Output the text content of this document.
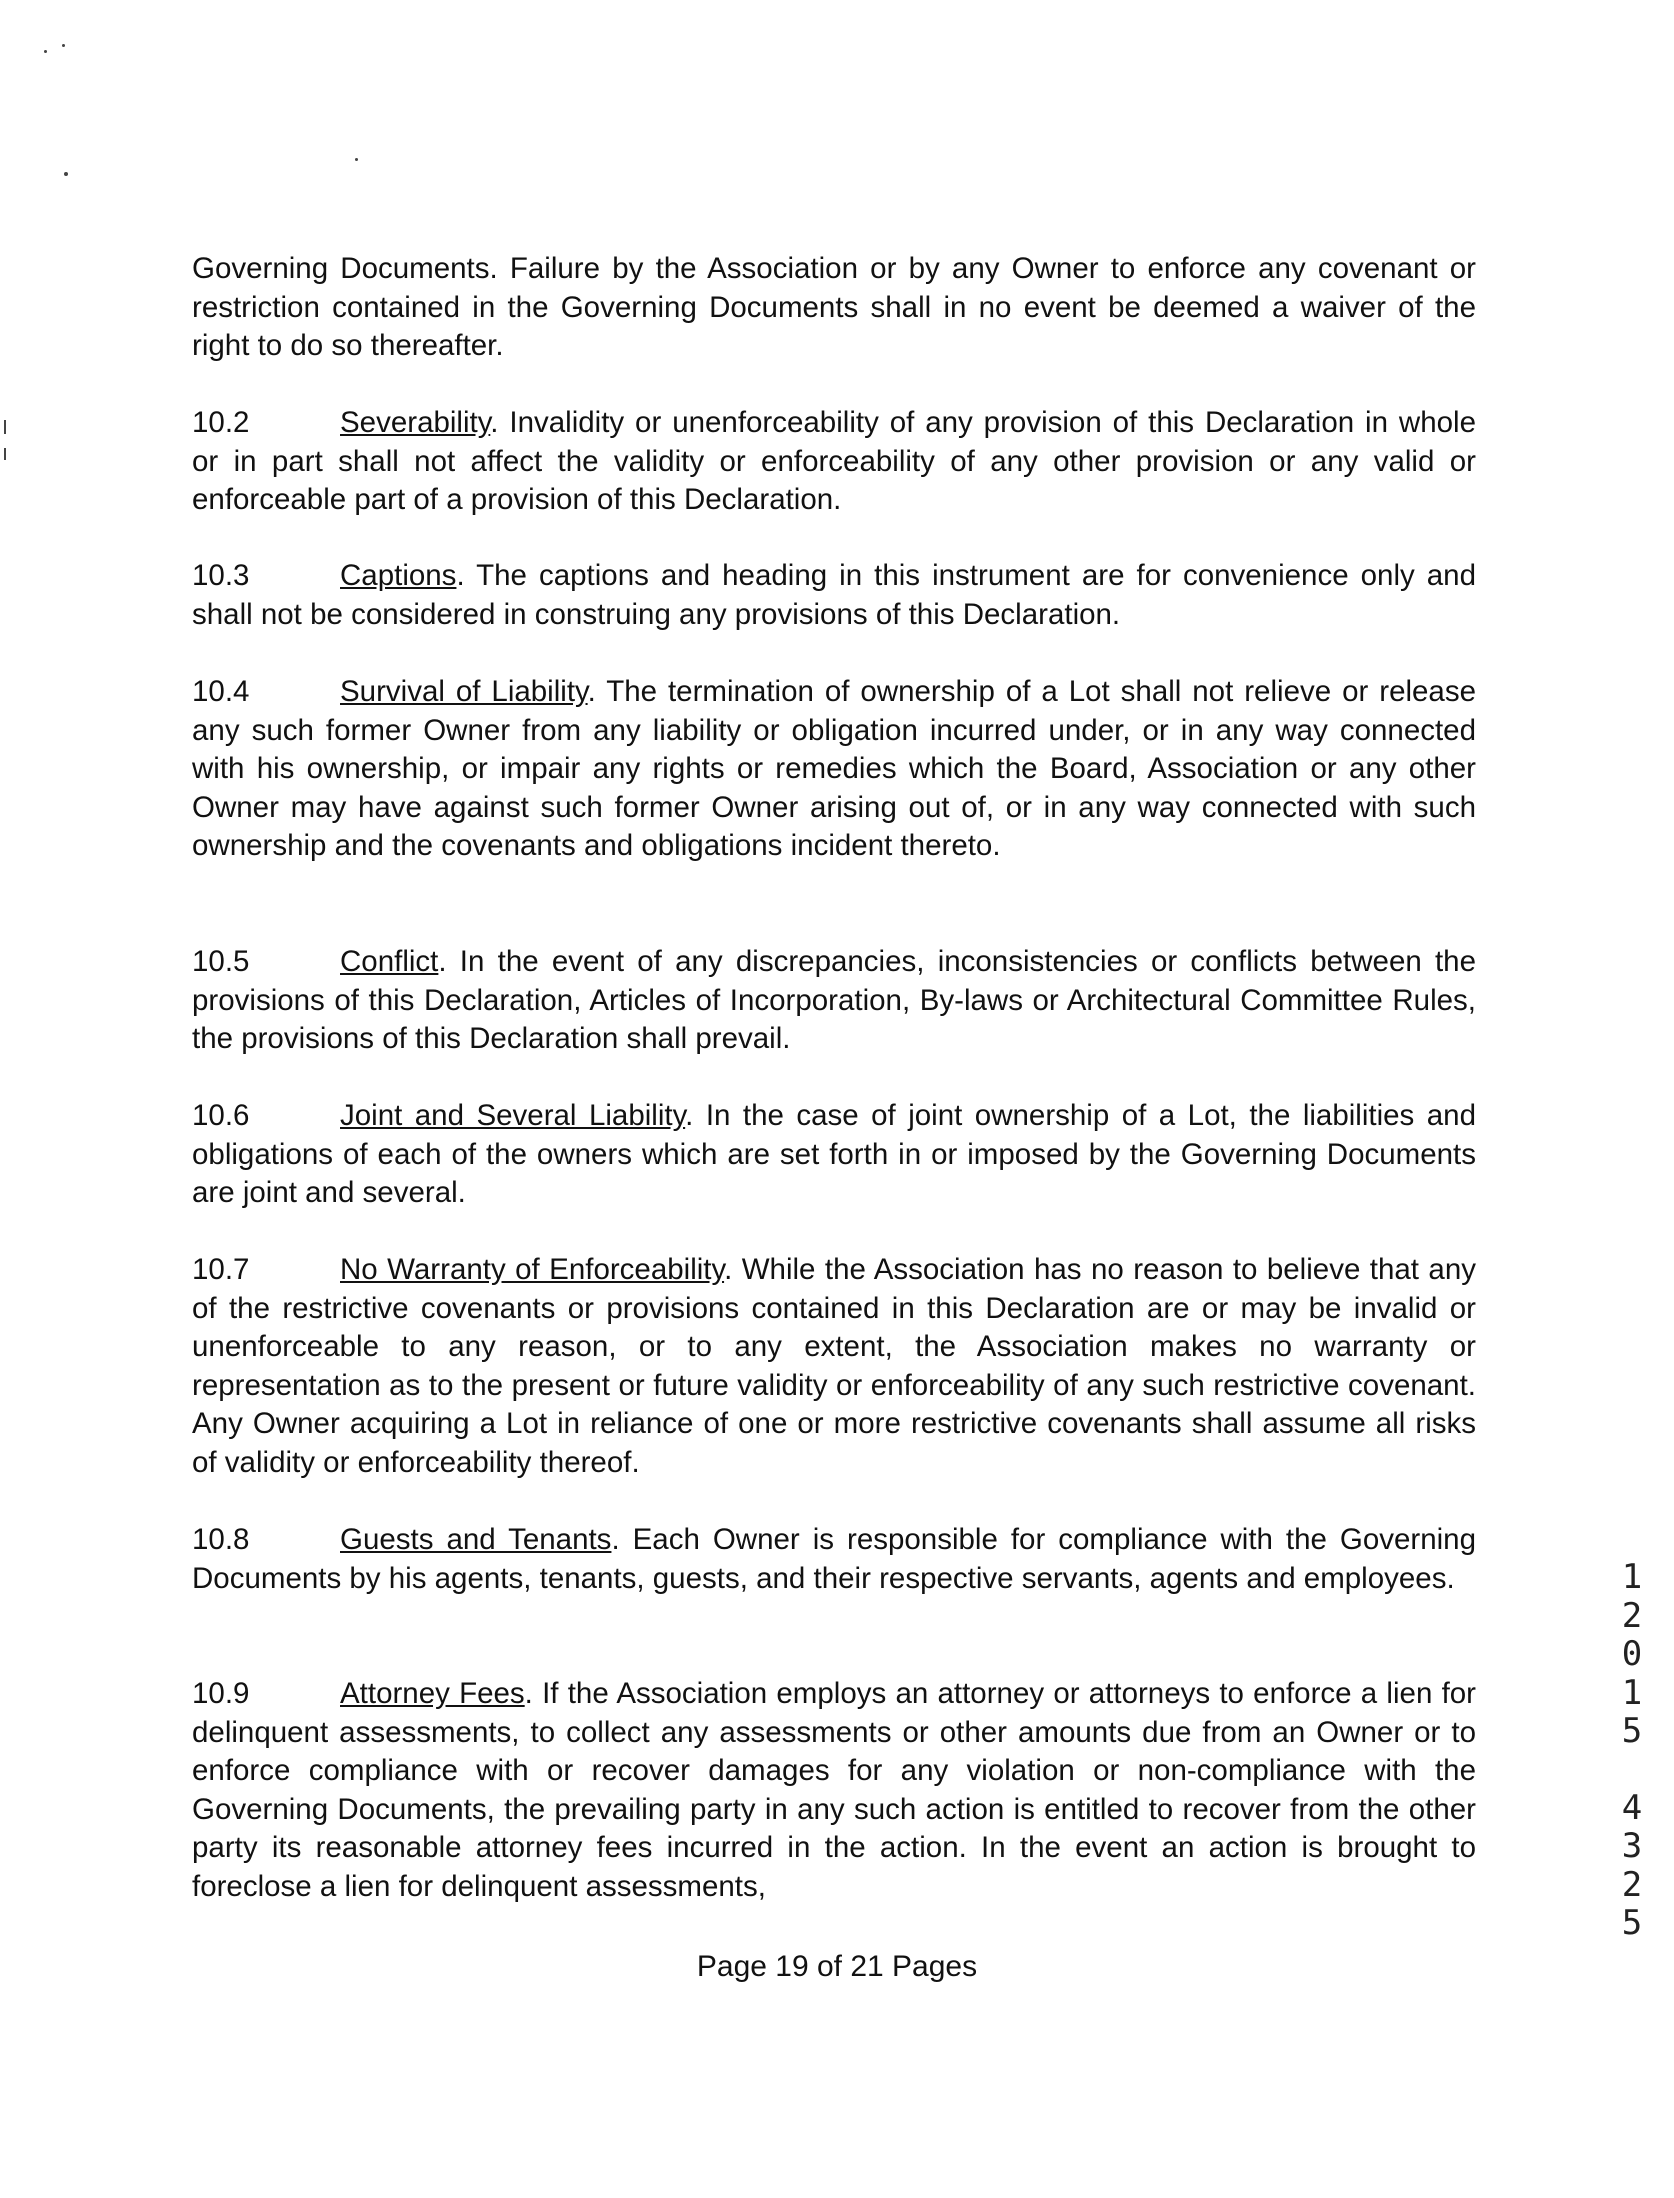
Governing Documents. Failure by the Association or by any Owner to enforce any covenant or restriction contained in the Governing Documents shall in no event be deemed a waiver of the right to do so thereafter.
10.2	Severability. Invalidity or unenforceability of any provision of this Declaration in whole or in part shall not affect the validity or enforceability of any other provision or any valid or enforceable part of a provision of this Declaration.
10.3	Captions. The captions and heading in this instrument are for convenience only and shall not be considered in construing any provisions of this Declaration.
10.4	Survival of Liability. The termination of ownership of a Lot shall not relieve or release any such former Owner from any liability or obligation incurred under, or in any way connected with his ownership, or impair any rights or remedies which the Board, Association or any other Owner may have against such former Owner arising out of, or in any way connected with such ownership and the covenants and obligations incident thereto.
10.5	Conflict. In the event of any discrepancies, inconsistencies or conflicts between the provisions of this Declaration, Articles of Incorporation, By-laws or Architectural Committee Rules, the provisions of this Declaration shall prevail.
10.6	Joint and Several Liability. In the case of joint ownership of a Lot, the liabilities and obligations of each of the owners which are set forth in or imposed by the Governing Documents are joint and several.
10.7	No Warranty of Enforceability. While the Association has no reason to believe that any of the restrictive covenants or provisions contained in this Declaration are or may be invalid or unenforceable to any reason, or to any extent, the Association makes no warranty or representation as to the present or future validity or enforceability of any such restrictive covenant. Any Owner acquiring a Lot in reliance of one or more restrictive covenants shall assume all risks of validity or enforceability thereof.
10.8	Guests and Tenants. Each Owner is responsible for compliance with the Governing Documents by his agents, tenants, guests, and their respective servants, agents and employees.
10.9	Attorney Fees. If the Association employs an attorney or attorneys to enforce a lien for delinquent assessments, to collect any assessments or other amounts due from an Owner or to enforce compliance with or recover damages for any violation or non-compliance with the Governing Documents, the prevailing party in any such action is entitled to recover from the other party its reasonable attorney fees incurred in the action. In the event an action is brought to foreclose a lien for delinquent assessments,
Page 19 of 21 Pages
1
2
0
1
5
4
3
2
5
